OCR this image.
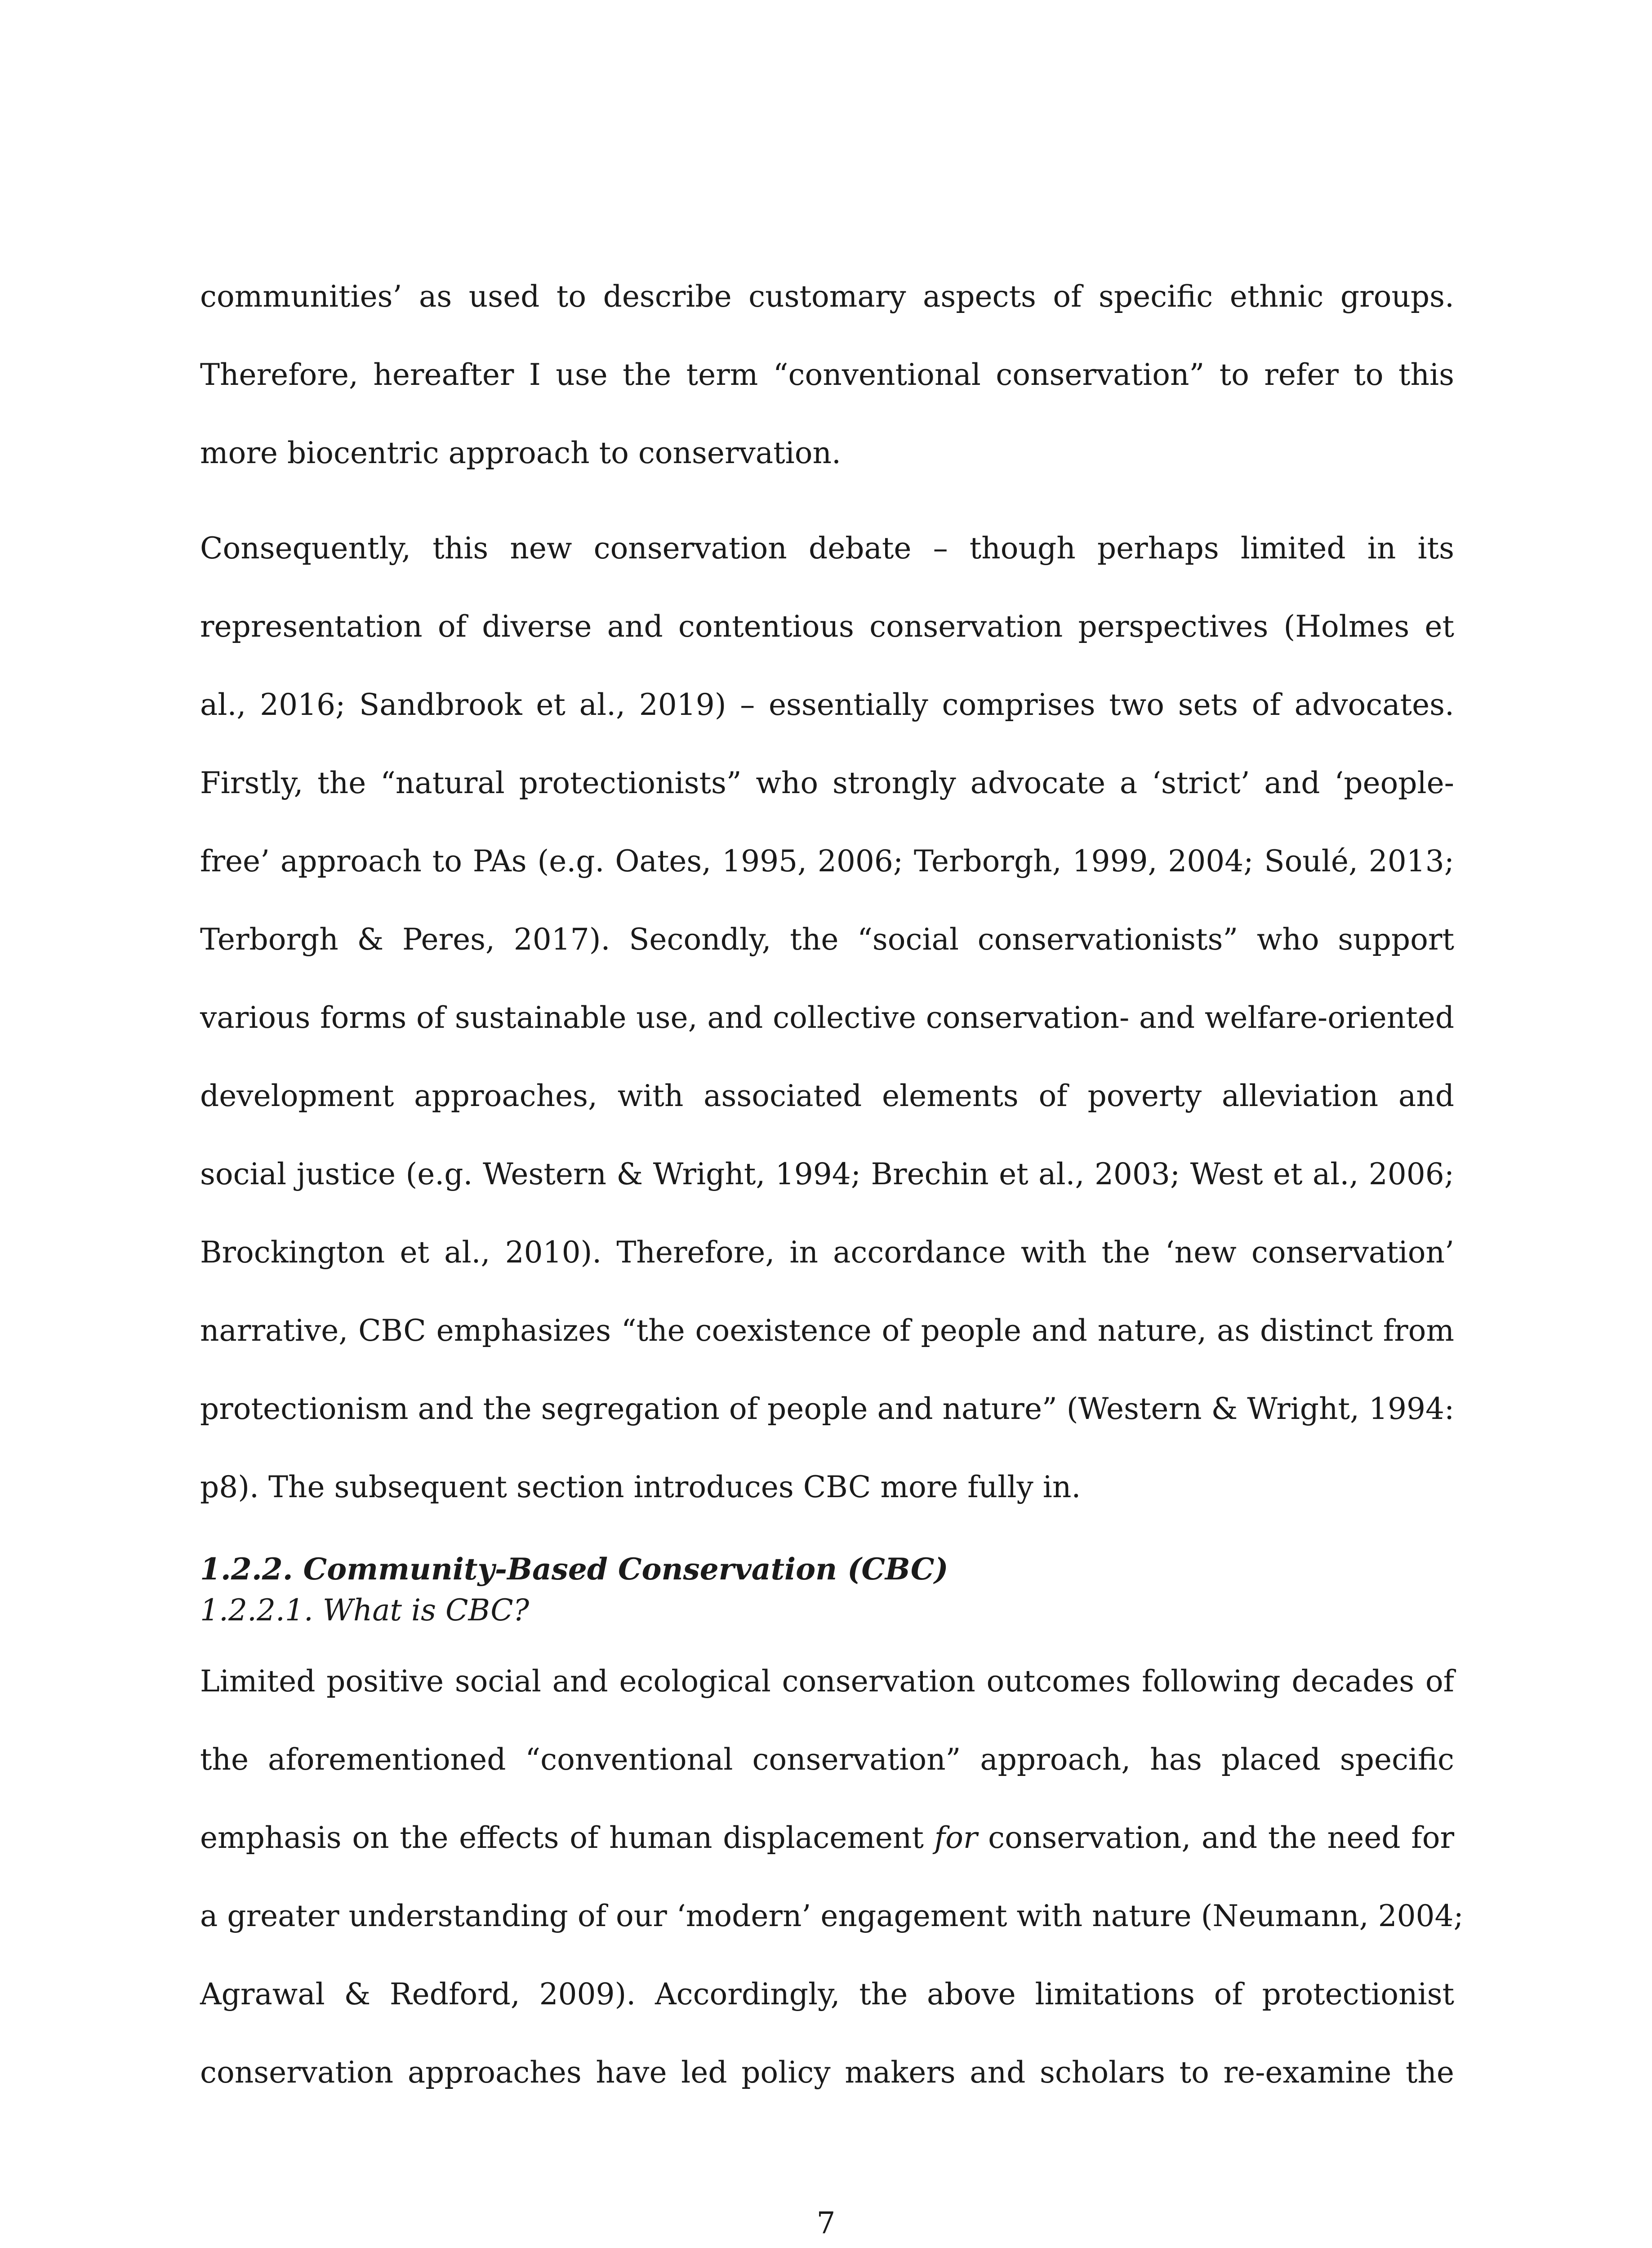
communities’ as used to describe customary aspects of specific ethnic groups.
Therefore, hereafter I use the term “conventional conservation” to refer to this
more biocentric approach to conservation.
Consequently, this new conservation debate – though perhaps limited in its
representation of diverse and contentious conservation perspectives (Holmes et
al., 2016; Sandbrook et al., 2019) – essentially comprises two sets of advocates.
Firstly, the “natural protectionists” who strongly advocate a ‘strict’ and ‘people-
free’ approach to PAs (e.g. Oates, 1995, 2006; Terborgh, 1999, 2004; Soulé, 2013;
Terborgh & Peres, 2017). Secondly, the “social conservationists” who support
various forms of sustainable use, and collective conservation- and welfare-oriented
development approaches, with associated elements of poverty alleviation and
social justice (e.g. Western & Wright, 1994; Brechin et al., 2003; West et al., 2006;
Brockington et al., 2010). Therefore, in accordance with the ‘new conservation’
narrative, CBC emphasizes “the coexistence of people and nature, as distinct from
protectionism and the segregation of people and nature” (Western & Wright, 1994:
p8). The subsequent section introduces CBC more fully in.
1.2.2. Community-Based Conservation (CBC)
1.2.2.1. What is CBC?
Limited positive social and ecological conservation outcomes following decades of
the aforementioned “conventional conservation” approach, has placed specific
emphasis on the effects of human displacement for conservation, and the need for
a greater understanding of our ‘modern’ engagement with nature (Neumann, 2004;
Agrawal & Redford, 2009). Accordingly, the above limitations of protectionist
conservation approaches have led policy makers and scholars to re-examine the
7
